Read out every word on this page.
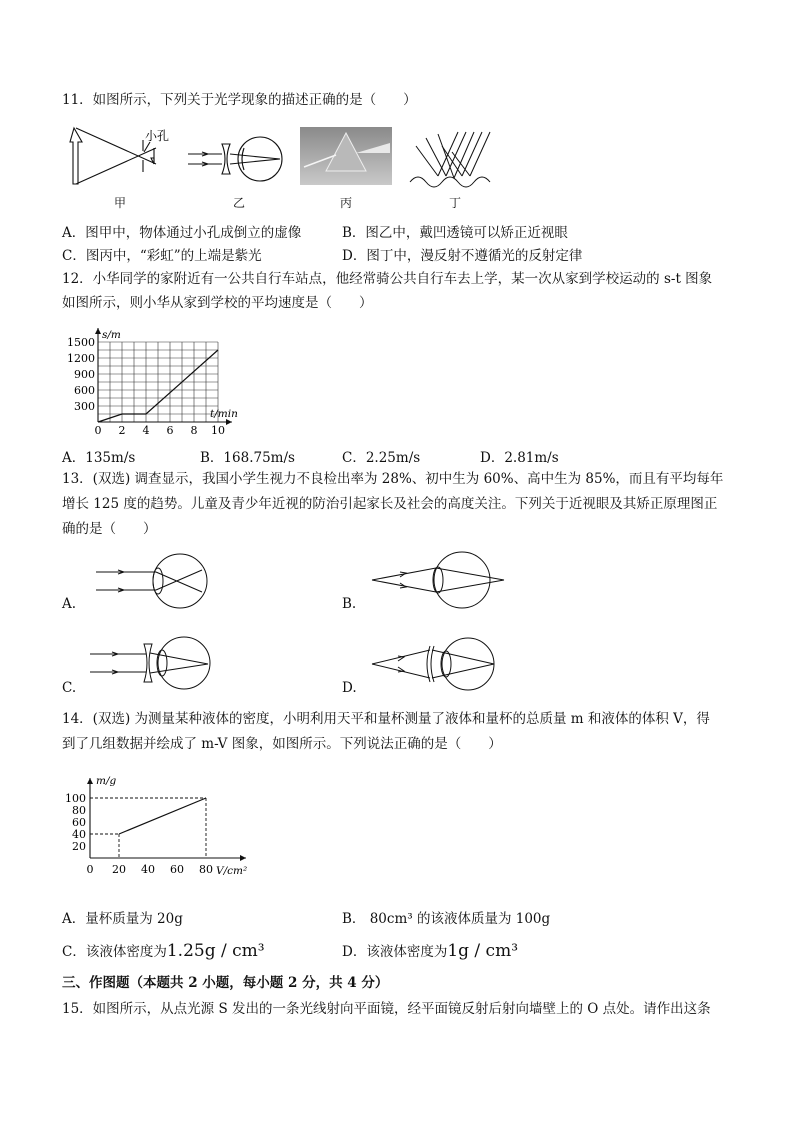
11．如图所示，下列关于光学现象的描述正确的是（　　）
小孔
甲	乙	丙	丁
A．图甲中，物体通过小孔成倒立的虚像	B．图乙中，戴凹透镜可以矫正近视眼
C．图丙中，“彩虹”的上端是紫光	D．图丁中，漫反射不遵循光的反射定律
12．小华同学的家附近有一公共自行车站点，他经常骑公共自行车去上学，某一次从家到学校运动的 s-t 图象
如图所示，则小华从家到学校的平均速度是（　　）
0 2 4 6 8 10
300
600
900
1200
1500
s/m
t/min
A．135m/s	B．168.75m/s	C．2.25m/s	D．2.81m/s
13．(双选) 调查显示，我国小学生视力不良检出率为 28%、初中生为 60%、高中生为 85%，而且有平均每年
增长 125 度的趋势。儿童及青少年近视的防治引起家长及社会的高度关注。下列关于近视眼及其矫正原理图正
确的是（　　）
A.	B.
C.	D.
14．(双选) 为测量某种液体的密度，小明利用天平和量杯测量了液体和量杯的总质量 m 和液体的体积 V，得
到了几组数据并绘成了 m-V 图象，如图所示。下列说法正确的是（　　）
0 20 40 60 80
20
40
60
80
100
m/g
V/cm²
A．量杯质量为 20g	B． 80cm³ 的该液体质量为 100g
C．该液体密度为1.25g / cm³	D．该液体密度为1g / cm³
三、作图题（本题共 2 小题，每小题 2 分，共 4 分）
15．如图所示，从点光源 S 发出的一条光线射向平面镜，经平面镜反射后射向墙壁上的 O 点处。请作出这条
